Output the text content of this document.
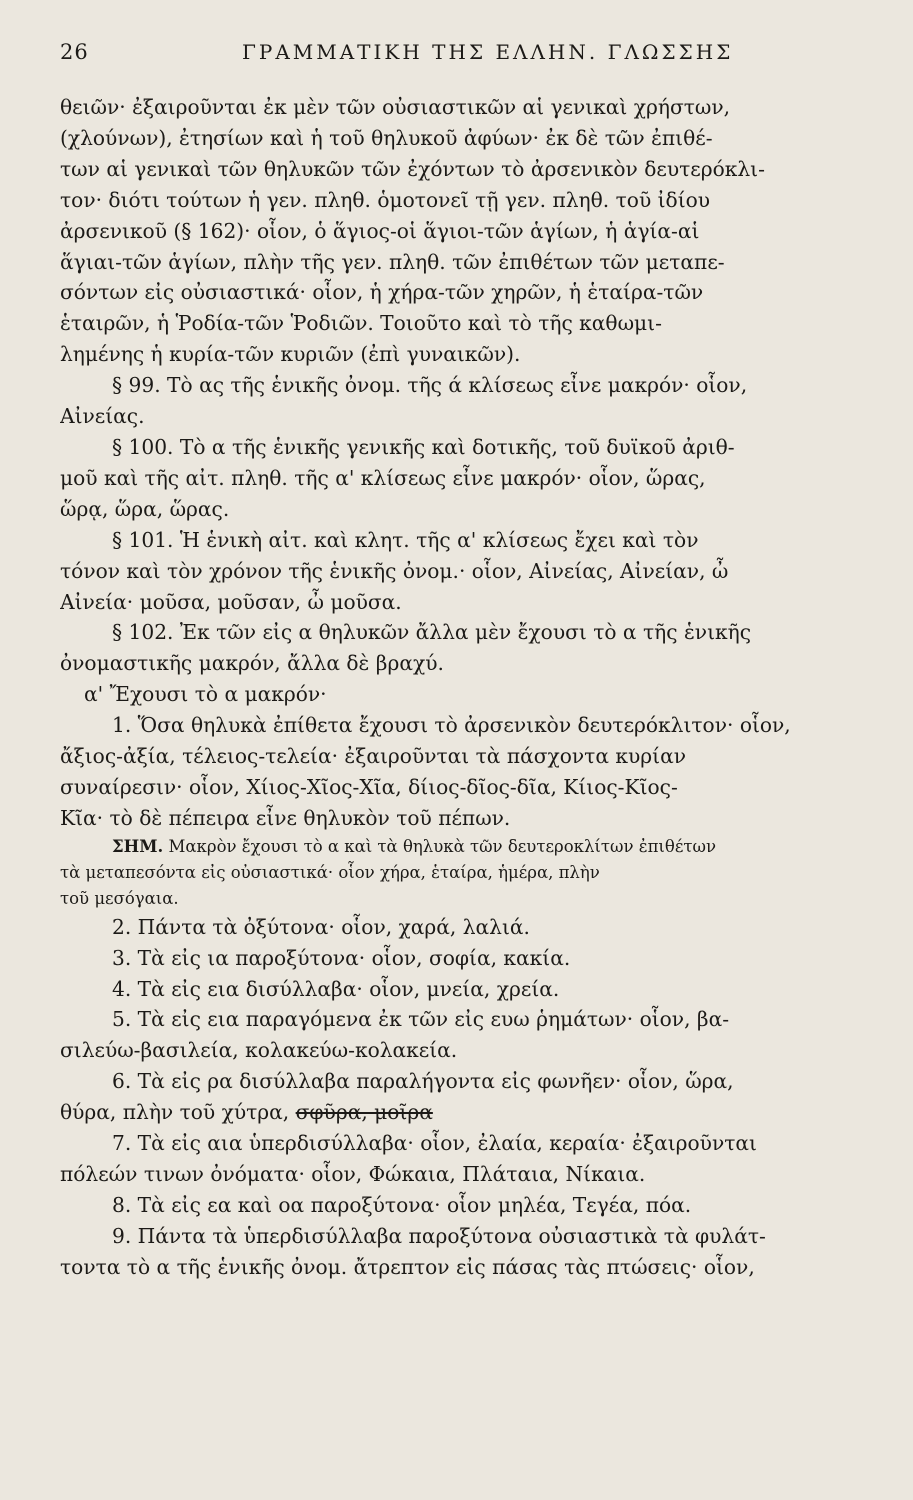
26	ΓΡΑΜΜΑΤΙΚΗ ΤΗΣ ΕΛΛΗΝ. ΓΛΩΣΣΗΣ
θειῶν· ἐξαιροῦνται ἐκ μὲν τῶν οὐσιαστικῶν αἱ γενικαὶ χρήστων,
(χλούνων), ἐτησίων καὶ ἡ τοῦ θηλυκοῦ ἀφύων· ἐκ δὲ τῶν ἐπιθέ-
των αἱ γενικαὶ τῶν θηλυκῶν τῶν ἐχόντων τὸ ἀρσενικὸν δευτερόκλι-
τον· διότι τούτων ἡ γεν. πληθ. ὁμοτονεῖ τῇ γεν. πληθ. τοῦ ἰδίου
ἀρσενικοῦ (§ 162)· οἷον, ὁ ἅγιος-οἱ ἅγιοι-τῶν ἁγίων, ἡ ἁγία-αἱ
ἅγιαι-τῶν ἁγίων, πλὴν τῆς γεν. πληθ. τῶν ἐπιθέτων τῶν μεταπε-
σόντων εἰς οὐσιαστικά· οἷον, ἡ χήρα-τῶν χηρῶν, ἡ ἑταίρα-τῶν
ἑταιρῶν, ἡ Ῥοδία-τῶν Ῥοδιῶν. Τοιοῦτο καὶ τὸ τῆς καθωμι-
λημένης ἡ κυρία-τῶν κυριῶν (ἐπὶ γυναικῶν).
§ 99. Τὸ ας τῆς ἑνικῆς ὀνομ. τῆς ά κλίσεως εἶνε μακρόν· οἷον,
Αἰνείας.
§ 100. Τὸ α τῆς ἑνικῆς γενικῆς καὶ δοτικῆς, τοῦ δυϊκοῦ ἀριθ-
μοῦ καὶ τῆς αἰτ. πληθ. τῆς α' κλίσεως εἶνε μακρόν· οἷον, ὥρας,
ὥρᾳ, ὥρα, ὥρας.
§ 101. Ἡ ἑνικὴ αἰτ. καὶ κλητ. τῆς α' κλίσεως ἔχει καὶ τὸν
τόνον καὶ τὸν χρόνον τῆς ἑνικῆς ὀνομ.· οἷον, Αἰνείας, Αἰνείαν, ὦ
Αἰνεία· μοῦσα, μοῦσαν, ὦ μοῦσα.
§ 102. Ἐκ τῶν εἰς α θηλυκῶν ἄλλα μὲν ἔχουσι τὸ α τῆς ἑνικῆς
ὀνομαστικῆς μακρόν, ἄλλα δὲ βραχύ.
α' Ἔχουσι τὸ α μακρόν·
1. Ὅσα θηλυκὰ ἐπίθετα ἔχουσι τὸ ἀρσενικὸν δευτερόκλιτον· οἷον,
ἄξιος-ἀξία, τέλειος-τελεία· ἐξαιροῦνται τὰ πάσχοντα κυρίαν
συναίρεσιν· οἷον, Χίιος-Χῖος-Χῖα, δίιος-δῖος-δῖα, Κίιος-Κῖος-
Κῖα· τὸ δὲ πέπειρα εἶνε θηλυκὸν τοῦ πέπων.
ΣΗΜ. Μακρὸν ἔχουσι τὸ α καὶ τὰ θηλυκὰ τῶν δευτεροκλίτων ἐπιθέτων
τὰ μεταπεσόντα εἰς οὐσιαστικά· οἷον χήρα, ἑταίρα, ἡμέρα, πλὴν
τοῦ μεσόγαια.
2. Πάντα τὰ ὀξύτονα· οἷον, χαρά, λαλιά.
3. Τὰ εἰς ια παροξύτονα· οἷον, σοφία, κακία.
4. Τὰ εἰς εια δισύλλαβα· οἷον, μνεία, χρεία.
5. Τὰ εἰς εια παραγόμενα ἐκ τῶν εἰς ευω ῥημάτων· οἷον, βα-
σιλεύω-βασιλεία, κολακεύω-κολακεία.
6. Τὰ εἰς ρα δισύλλαβα παραλήγοντα εἰς φωνῆεν· οἷον, ὥρα,
θύρα, πλὴν τοῦ χύτρα, σφῦρα, μοῖρα
7. Τὰ εἰς αια ὑπερδισύλλαβα· οἷον, ἐλαία, κεραία· ἐξαιροῦνται
πόλεών τινων ὀνόματα· οἷον, Φώκαια, Πλάταια, Νίκαια.
8. Τὰ εἰς εα καὶ οα παροξύτονα· οἷον μηλέα, Τεγέα, πόα.
9. Πάντα τὰ ὑπερδισύλλαβα παροξύτονα οὐσιαστικὰ τὰ φυλάτ-
τοντα τὸ α τῆς ἑνικῆς ὀνομ. ἄτρεπτον εἰς πάσας τὰς πτώσεις· οἷον,
